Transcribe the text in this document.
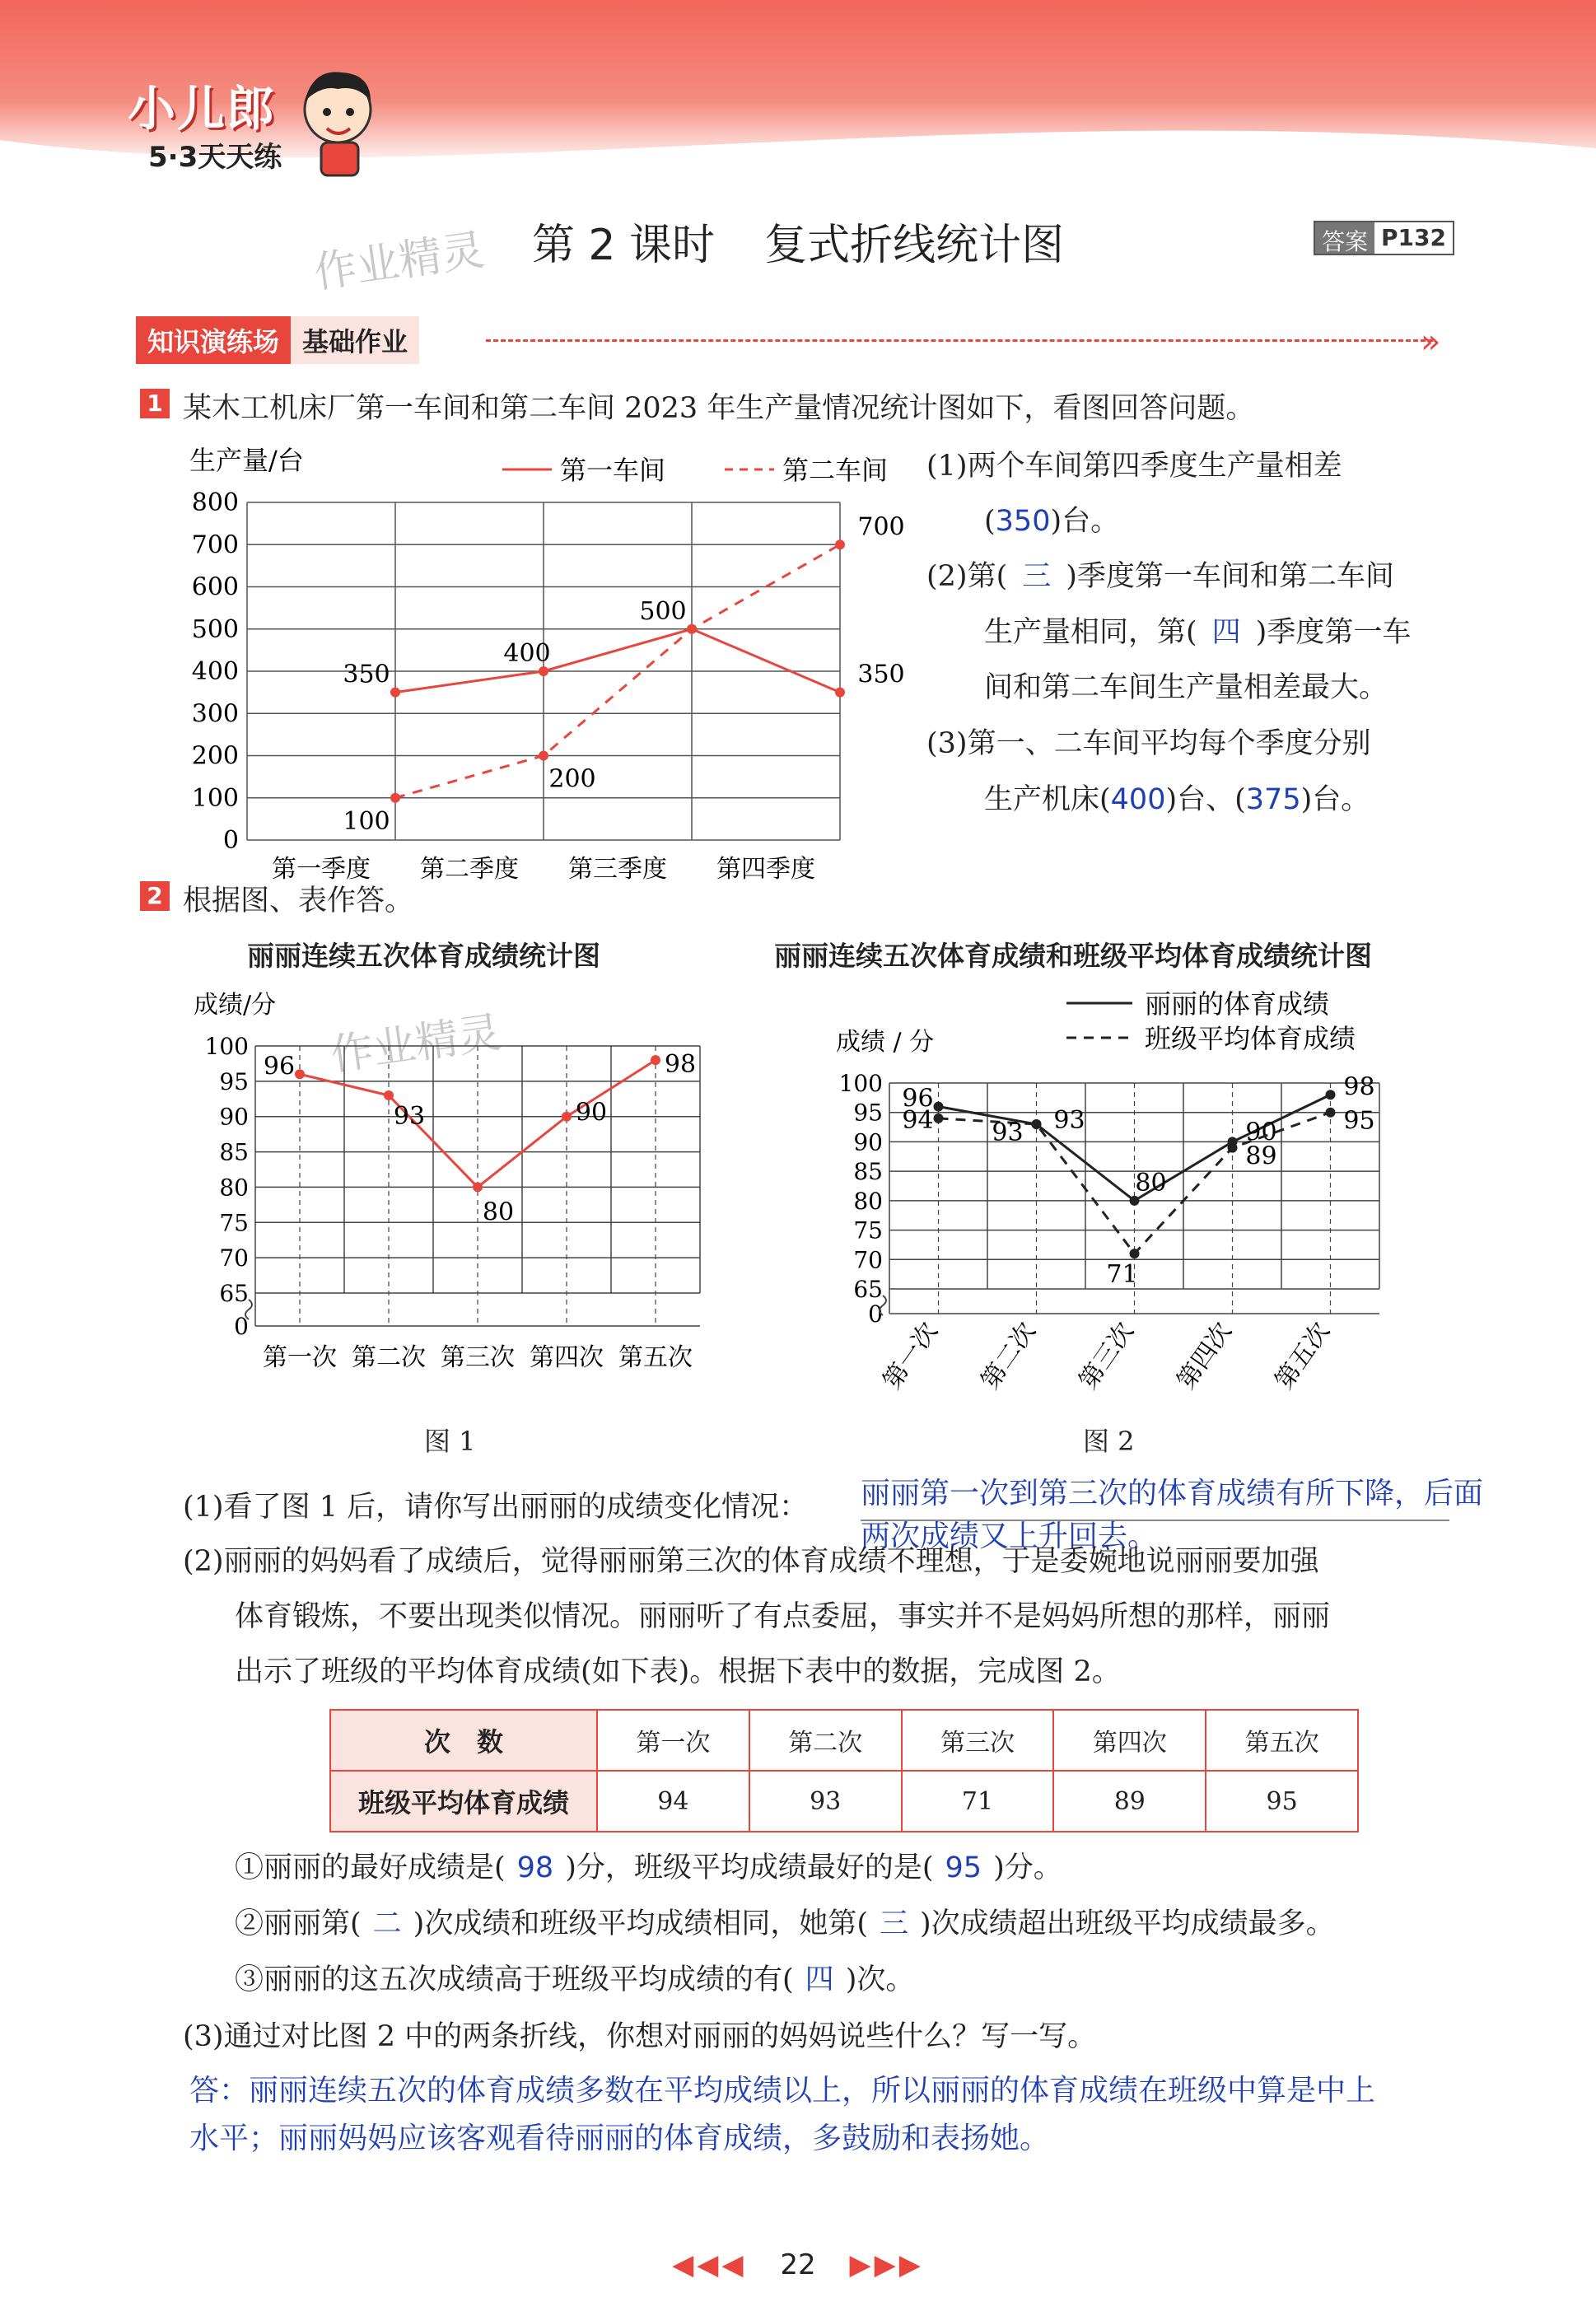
小儿郎
5·3天天练
作业精灵	第 2 课时 复式折线统计图	答案 P132
知识演练场 基础作业	»
1 某木工机床厂第一车间和第二车间 2023 年生产量情况统计图如下，看图回答问题。
生产量/台
0
100
200
300
400
500
600
700
800
第一季度 第二季度 第三季度 第四季度
350
400
500
350
100
200
700
第一车间	第二车间 (1)两个车间第四季度生产量相差
(350)台。
(2)第( 三 )季度第一车间和第二车间
生产量相同，第( 四 )季度第一车
间和第二车间生产量相差最大。
(3)第一、二车间平均每个季度分别
生产机床(400)台、(375)台。
2 根据图、表作答。
丽丽连续五次体育成绩统计图	丽丽连续五次体育成绩和班级平均体育成绩统计图
作业精灵
成绩/分
0
65
70
75
80
85
90
95
100
第一次 第二次 第三次 第四次 第五次
96
93
80
90
98
成绩 / 分
0
65
70
75
80
85
90
95
100
第一次 第二次 第三次 第四次 第五次
96
93
80
90
98
94 93
71
89
95
丽丽的体育成绩
班级平均体育成绩
图 1	图 2
(1)看了图 1 后，请你写出丽丽的成绩变化情况： 丽丽第一次到第三次的体育成绩有所下降，后面
两次成绩又上升回去。
(2)丽丽的妈妈看了成绩后，觉得丽丽第三次的体育成绩不理想，于是委婉地说丽丽要加强
体育锻炼，不要出现类似情况。丽丽听了有点委屈，事实并不是妈妈所想的那样，丽丽
出示了班级的平均体育成绩(如下表)。根据下表中的数据，完成图 2。
次　数	第一次	第二次	第三次	第四次	第五次
班级平均体育成绩	94	93	71	89	95
①丽丽的最好成绩是( 98 )分，班级平均成绩最好的是( 95 )分。
②丽丽第( 二 )次成绩和班级平均成绩相同，她第( 三 )次成绩超出班级平均成绩最多。
③丽丽的这五次成绩高于班级平均成绩的有( 四 )次。
(3)通过对比图 2 中的两条折线，你想对丽丽的妈妈说些什么？写一写。
答：丽丽连续五次的体育成绩多数在平均成绩以上，所以丽丽的体育成绩在班级中算是中上
水平；丽丽妈妈应该客观看待丽丽的体育成绩，多鼓励和表扬她。
◀◀◀ 22 ▶▶▶
